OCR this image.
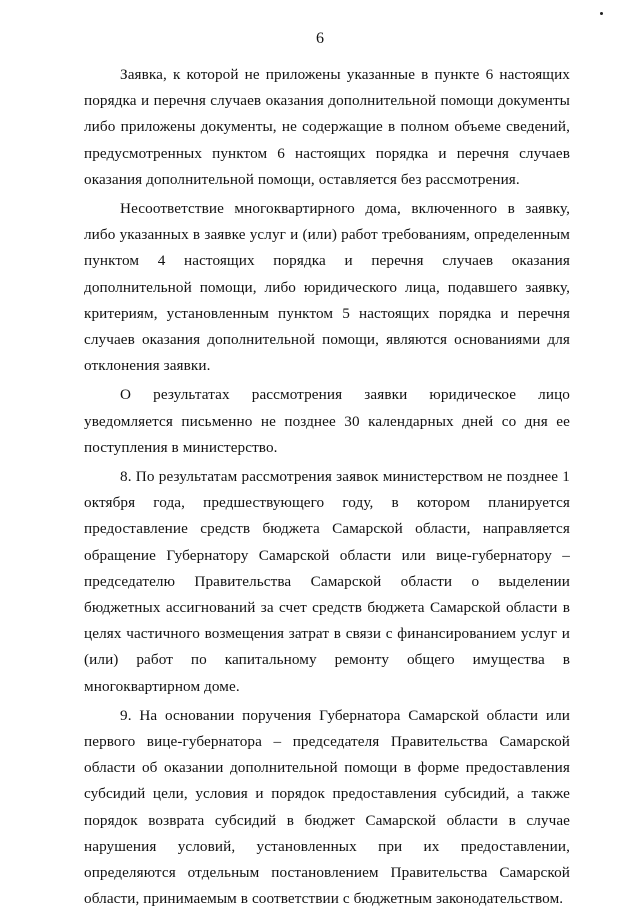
6

Заявка, к которой не приложены указанные в пункте 6 настоящих порядка и перечня случаев оказания дополнительной помощи документы либо приложены документы, не содержащие в полном объеме сведений, предусмотренных пунктом 6 настоящих порядка и перечня случаев оказания дополнительной помощи, оставляется без рассмотрения.

Несоответствие многоквартирного дома, включенного в заявку, либо указанных в заявке услуг и (или) работ требованиям, определенным пунктом 4 настоящих порядка и перечня случаев оказания дополнительной помощи, либо юридического лица, подавшего заявку, критериям, установленным пунктом 5 настоящих порядка и перечня случаев оказания дополнительной помощи, являются основаниями для отклонения заявки.

О результатах рассмотрения заявки юридическое лицо уведомляется письменно не позднее 30 календарных дней со дня ее поступления в министерство.

8. По результатам рассмотрения заявок министерством не позднее 1 октября года, предшествующего году, в котором планируется предоставление средств бюджета Самарской области, направляется обращение Губернатору Самарской области или вице-губернатору – председателю Правительства Самарской области о выделении бюджетных ассигнований за счет средств бюджета Самарской области в целях частичного возмещения затрат в связи с финансированием услуг и (или) работ по капитальному ремонту общего имущества в многоквартирном доме.

9. На основании поручения Губернатора Самарской области или первого вице-губернатора – председателя Правительства Самарской области об оказании дополнительной помощи в форме предоставления субсидий цели, условия и порядок предоставления субсидий, а также порядок возврата субсидий в бюджет Самарской области в случае нарушения условий, установленных при их предоставлении, определяются отдельным постановлением Правительства Самарской области, принимаемым в соответствии с бюджетным законодательством.
